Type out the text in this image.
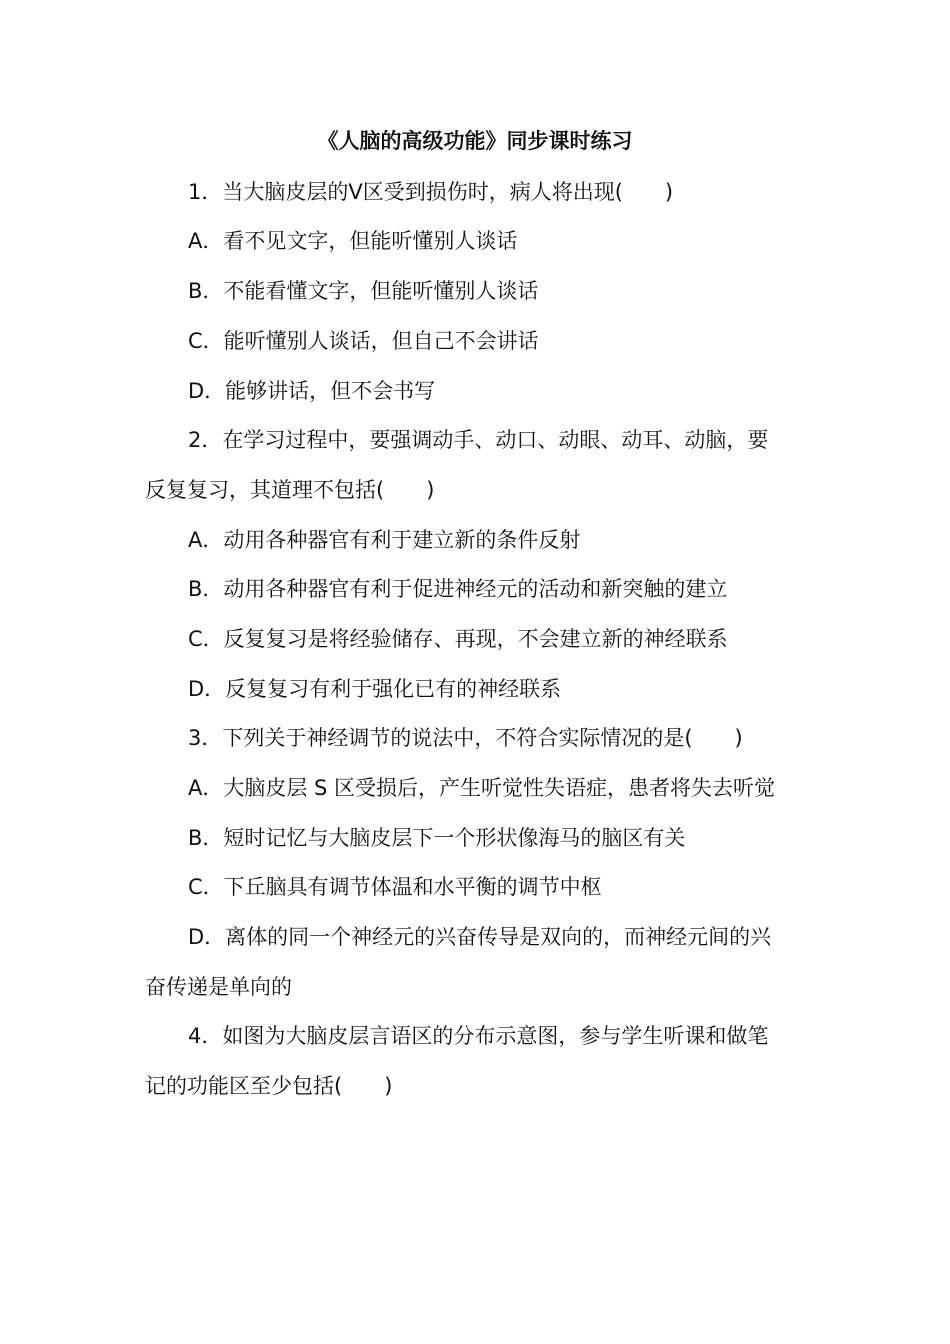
《人脑的高级功能》同步课时练习
1．当大脑皮层的Ⅴ区受到损伤时，病人将出现(　　)
A．看不见文字，但能听懂别人谈话
B．不能看懂文字，但能听懂别人谈话
C．能听懂别人谈话，但自己不会讲话
D．能够讲话，但不会书写
2．在学习过程中，要强调动手、动口、动眼、动耳、动脑，要
反复复习，其道理不包括(　　)
A．动用各种器官有利于建立新的条件反射
B．动用各种器官有利于促进神经元的活动和新突触的建立
C．反复复习是将经验储存、再现，不会建立新的神经联系
D．反复复习有利于强化已有的神经联系
3．下列关于神经调节的说法中，不符合实际情况的是(　　)
A．大脑皮层 S 区受损后，产生听觉性失语症，患者将失去听觉
B．短时记忆与大脑皮层下一个形状像海马的脑区有关
C．下丘脑具有调节体温和水平衡的调节中枢
D．离体的同一个神经元的兴奋传导是双向的，而神经元间的兴
奋传递是单向的
4．如图为大脑皮层言语区的分布示意图，参与学生听课和做笔
记的功能区至少包括(　　)
